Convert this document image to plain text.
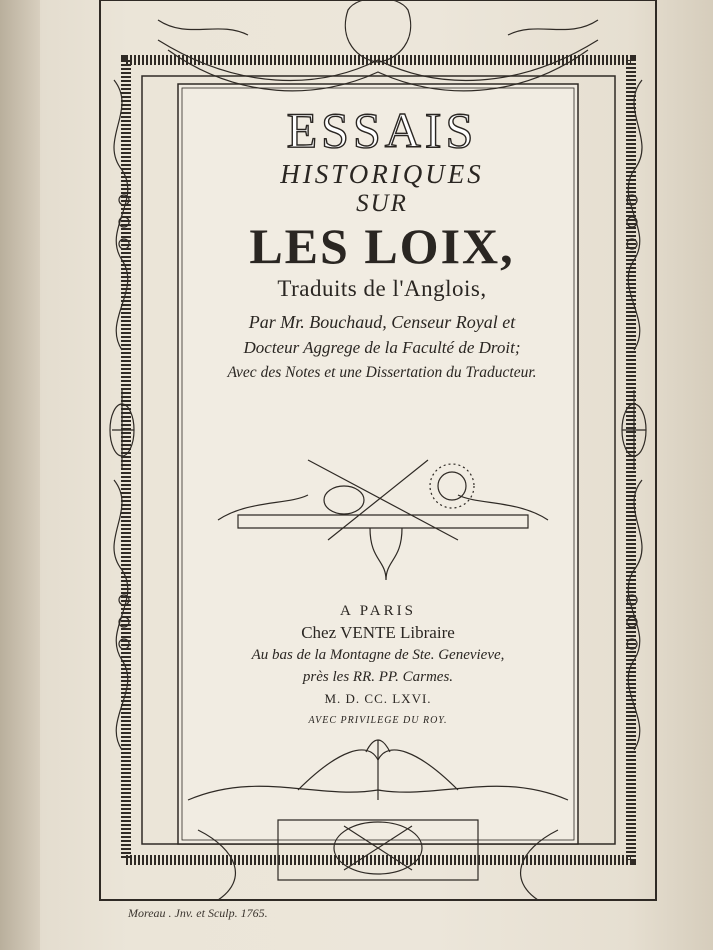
ESSAIS
HISTORIQUES
SUR
LES LOIX,
Traduits de l'Anglois,
Par Mr. Bouchaud, Censeur Royal et
Docteur Aggrege de la Faculté de Droit;
Avec des Notes et une Dissertation du Traducteur.
A PARIS
Chez VENTE Libraire
Au bas de la Montagne de Ste. Genevieve,
près les RR. PP. Carmes.
M. D. CC. LXVI.
AVEC PRIVILEGE DU ROY.
Moreau . Jnv. et Sculp. 1765.
